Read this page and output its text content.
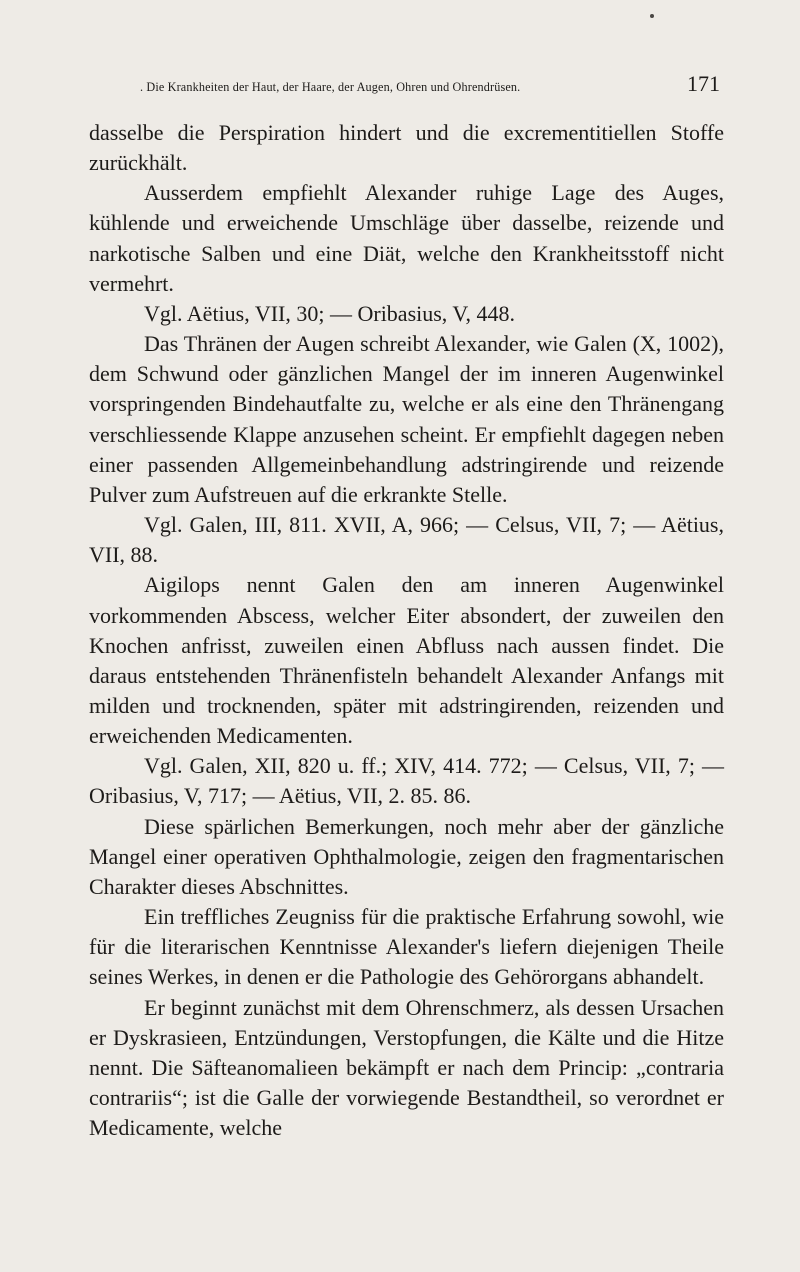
. Die Krankheiten der Haut, der Haare, der Augen, Ohren und Ohrendrüsen.	171

dasselbe die Perspiration hindert und die excrementitiellen Stoffe zurückhält.

Ausserdem empfiehlt Alexander ruhige Lage des Auges, kühlende und erweichende Umschläge über dasselbe, reizende und narkotische Salben und eine Diät, welche den Krankheitsstoff nicht vermehrt.

Vgl. Aëtius, VII, 30; — Oribasius, V, 448.

Das Thränen der Augen schreibt Alexander, wie Galen (X, 1002), dem Schwund oder gänzlichen Mangel der im inneren Augenwinkel vorspringenden Bindehautfalte zu, welche er als eine den Thränengang verschliessende Klappe anzusehen scheint. Er empfiehlt dagegen neben einer passenden Allgemeinbehandlung adstringirende und reizende Pulver zum Aufstreuen auf die erkrankte Stelle.

Vgl. Galen, III, 811. XVII, A, 966; — Celsus, VII, 7; — Aëtius, VII, 88.

Aigilops nennt Galen den am inneren Augenwinkel vorkommenden Abscess, welcher Eiter absondert, der zuweilen den Knochen anfrisst, zuweilen einen Abfluss nach aussen findet. Die daraus entstehenden Thränenfisteln behandelt Alexander Anfangs mit milden und trocknenden, später mit adstringirenden, reizenden und erweichenden Medicamenten.

Vgl. Galen, XII, 820 u. ff.; XIV, 414. 772; — Celsus, VII, 7; — Oribasius, V, 717; — Aëtius, VII, 2. 85. 86.

Diese spärlichen Bemerkungen, noch mehr aber der gänzliche Mangel einer operativen Ophthalmologie, zeigen den fragmentarischen Charakter dieses Abschnittes.

Ein treffliches Zeugniss für die praktische Erfahrung sowohl, wie für die literarischen Kenntnisse Alexander's liefern diejenigen Theile seines Werkes, in denen er die Pathologie des Gehörorgans abhandelt.

Er beginnt zunächst mit dem Ohrenschmerz, als dessen Ursachen er Dyskrasieen, Entzündungen, Verstopfungen, die Kälte und die Hitze nennt. Die Säfteanomalieen bekämpft er nach dem Princip: „contraria contrariis“; ist die Galle der vorwiegende Bestandtheil, so verordnet er Medicamente, welche
